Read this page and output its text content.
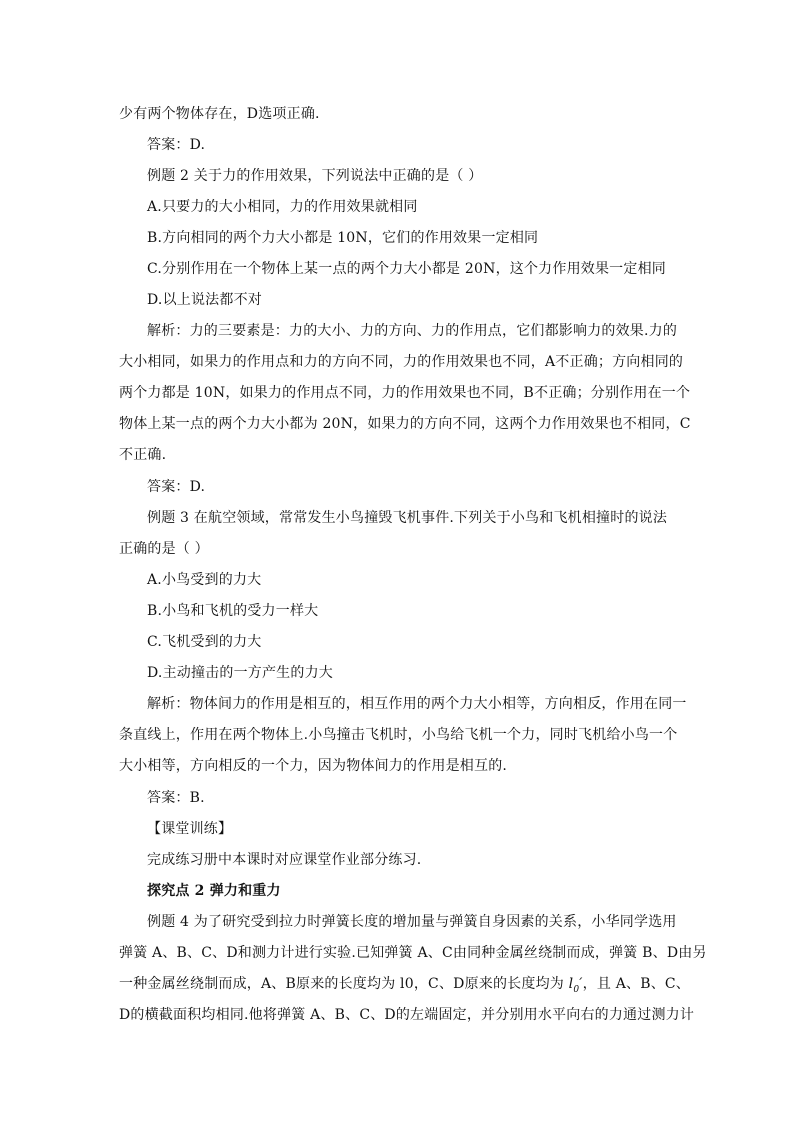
少有两个物体存在，D选项正确.
答案：D.
例题 2 关于力的作用效果，下列说法中正确的是（ ）
A.只要力的大小相同，力的作用效果就相同
B.方向相同的两个力大小都是 10N，它们的作用效果一定相同
C.分别作用在一个物体上某一点的两个力大小都是 20N，这个力作用效果一定相同
D.以上说法都不对
解析：力的三要素是：力的大小、力的方向、力的作用点，它们都影响力的效果.力的
大小相同，如果力的作用点和力的方向不同，力的作用效果也不同，A不正确；方向相同的
两个力都是 10N，如果力的作用点不同，力的作用效果也不同，B不正确；分别作用在一个
物体上某一点的两个力大小都为 20N，如果力的方向不同，这两个力作用效果也不相同，C
不正确.
答案：D.
例题 3 在航空领域，常常发生小鸟撞毁飞机事件.下列关于小鸟和飞机相撞时的说法
正确的是（ ）
A.小鸟受到的力大
B.小鸟和飞机的受力一样大
C.飞机受到的力大
D.主动撞击的一方产生的力大
解析：物体间力的作用是相互的，相互作用的两个力大小相等，方向相反，作用在同一
条直线上，作用在两个物体上.小鸟撞击飞机时，小鸟给飞机一个力，同时飞机给小鸟一个
大小相等，方向相反的一个力，因为物体间力的作用是相互的.
答案：B.
【课堂训练】
完成练习册中本课时对应课堂作业部分练习.
探究点 2 弹力和重力
例题 4 为了研究受到拉力时弹簧长度的增加量与弹簧自身因素的关系，小华同学选用
弹簧 A、B、C、D和测力计进行实验.已知弹簧 A、C由同种金属丝绕制而成，弹簧 B、D由另
一种金属丝绕制而成，A、B原来的长度均为 l0，C、D原来的长度均为 $l_0'$，且 A、B、C、
D的横截面积均相同.他将弹簧 A、B、C、D的左端固定，并分别用水平向右的力通过测力计
